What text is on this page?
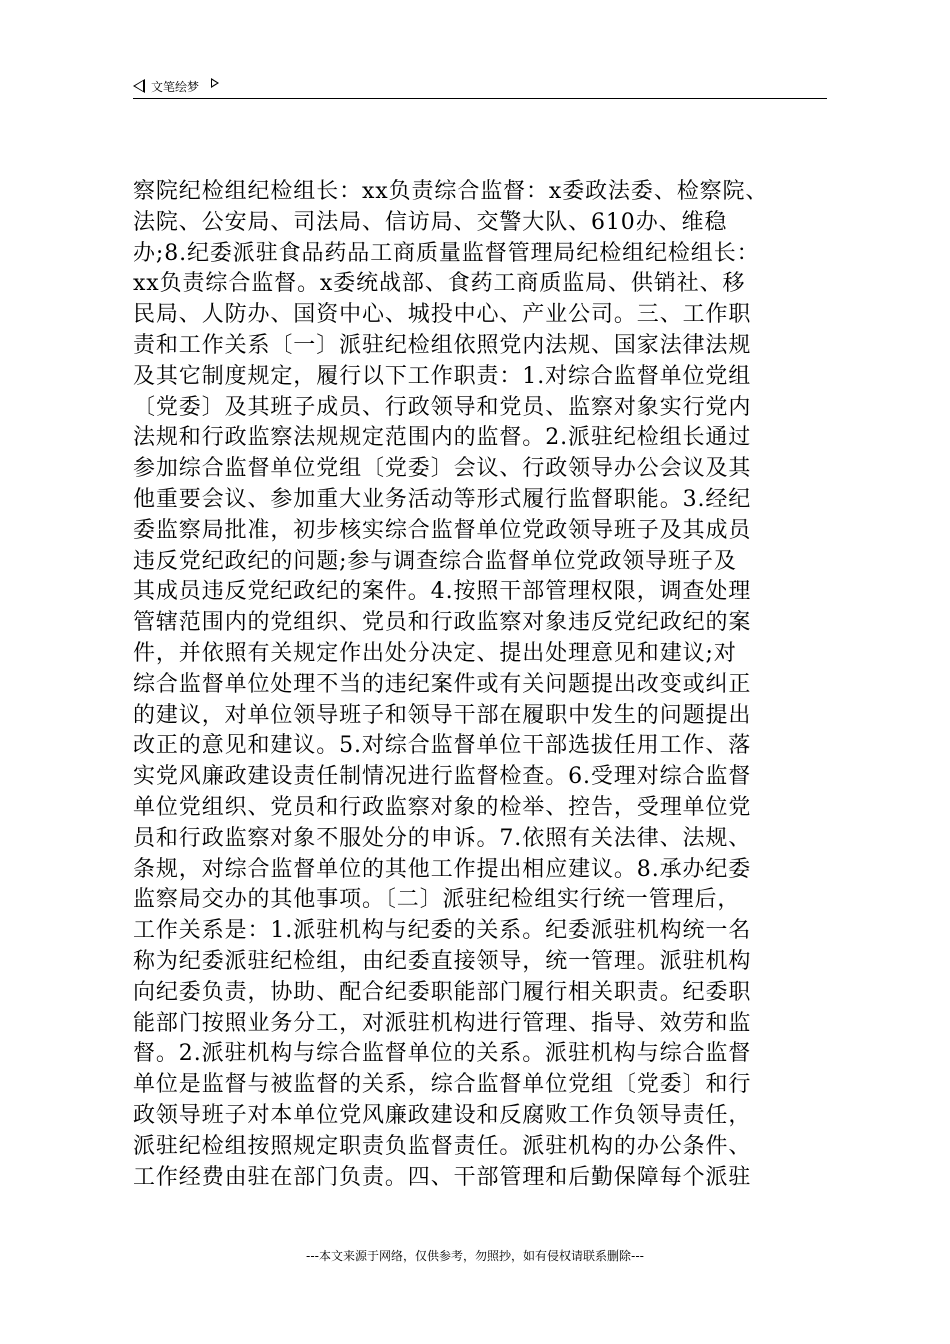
文笔绘梦
察院纪检组纪检组长：xx负责综合监督：x委政法委、检察院、
法院、公安局、司法局、信访局、交警大队、610办、维稳
办;8.纪委派驻食品药品工商质量监督管理局纪检组纪检组长：
xx负责综合监督。x委统战部、食药工商质监局、供销社、移
民局、人防办、国资中心、城投中心、产业公司。三、工作职
责和工作关系〔一〕派驻纪检组依照党内法规、国家法律法规
及其它制度规定，履行以下工作职责：1.对综合监督单位党组
〔党委〕及其班子成员、行政领导和党员、监察对象实行党内
法规和行政监察法规规定范围内的监督。2.派驻纪检组长通过
参加综合监督单位党组〔党委〕会议、行政领导办公会议及其
他重要会议、参加重大业务活动等形式履行监督职能。3.经纪
委监察局批准，初步核实综合监督单位党政领导班子及其成员
违反党纪政纪的问题;参与调查综合监督单位党政领导班子及
其成员违反党纪政纪的案件。4.按照干部管理权限，调查处理
管辖范围内的党组织、党员和行政监察对象违反党纪政纪的案
件，并依照有关规定作出处分决定、提出处理意见和建议;对
综合监督单位处理不当的违纪案件或有关问题提出改变或纠正
的建议，对单位领导班子和领导干部在履职中发生的问题提出
改正的意见和建议。5.对综合监督单位干部选拔任用工作、落
实党风廉政建设责任制情况进行监督检查。6.受理对综合监督
单位党组织、党员和行政监察对象的检举、控告，受理单位党
员和行政监察对象不服处分的申诉。7.依照有关法律、法规、
条规，对综合监督单位的其他工作提出相应建议。8.承办纪委
监察局交办的其他事项。〔二〕派驻纪检组实行统一管理后，
工作关系是：1.派驻机构与纪委的关系。纪委派驻机构统一名
称为纪委派驻纪检组，由纪委直接领导，统一管理。派驻机构
向纪委负责，协助、配合纪委职能部门履行相关职责。纪委职
能部门按照业务分工，对派驻机构进行管理、指导、效劳和监
督。2.派驻机构与综合监督单位的关系。派驻机构与综合监督
单位是监督与被监督的关系，综合监督单位党组〔党委〕和行
政领导班子对本单位党风廉政建设和反腐败工作负领导责任，
派驻纪检组按照规定职责负监督责任。派驻机构的办公条件、
工作经费由驻在部门负责。四、干部管理和后勤保障每个派驻
---本文来源于网络，仅供参考，勿照抄，如有侵权请联系删除---
